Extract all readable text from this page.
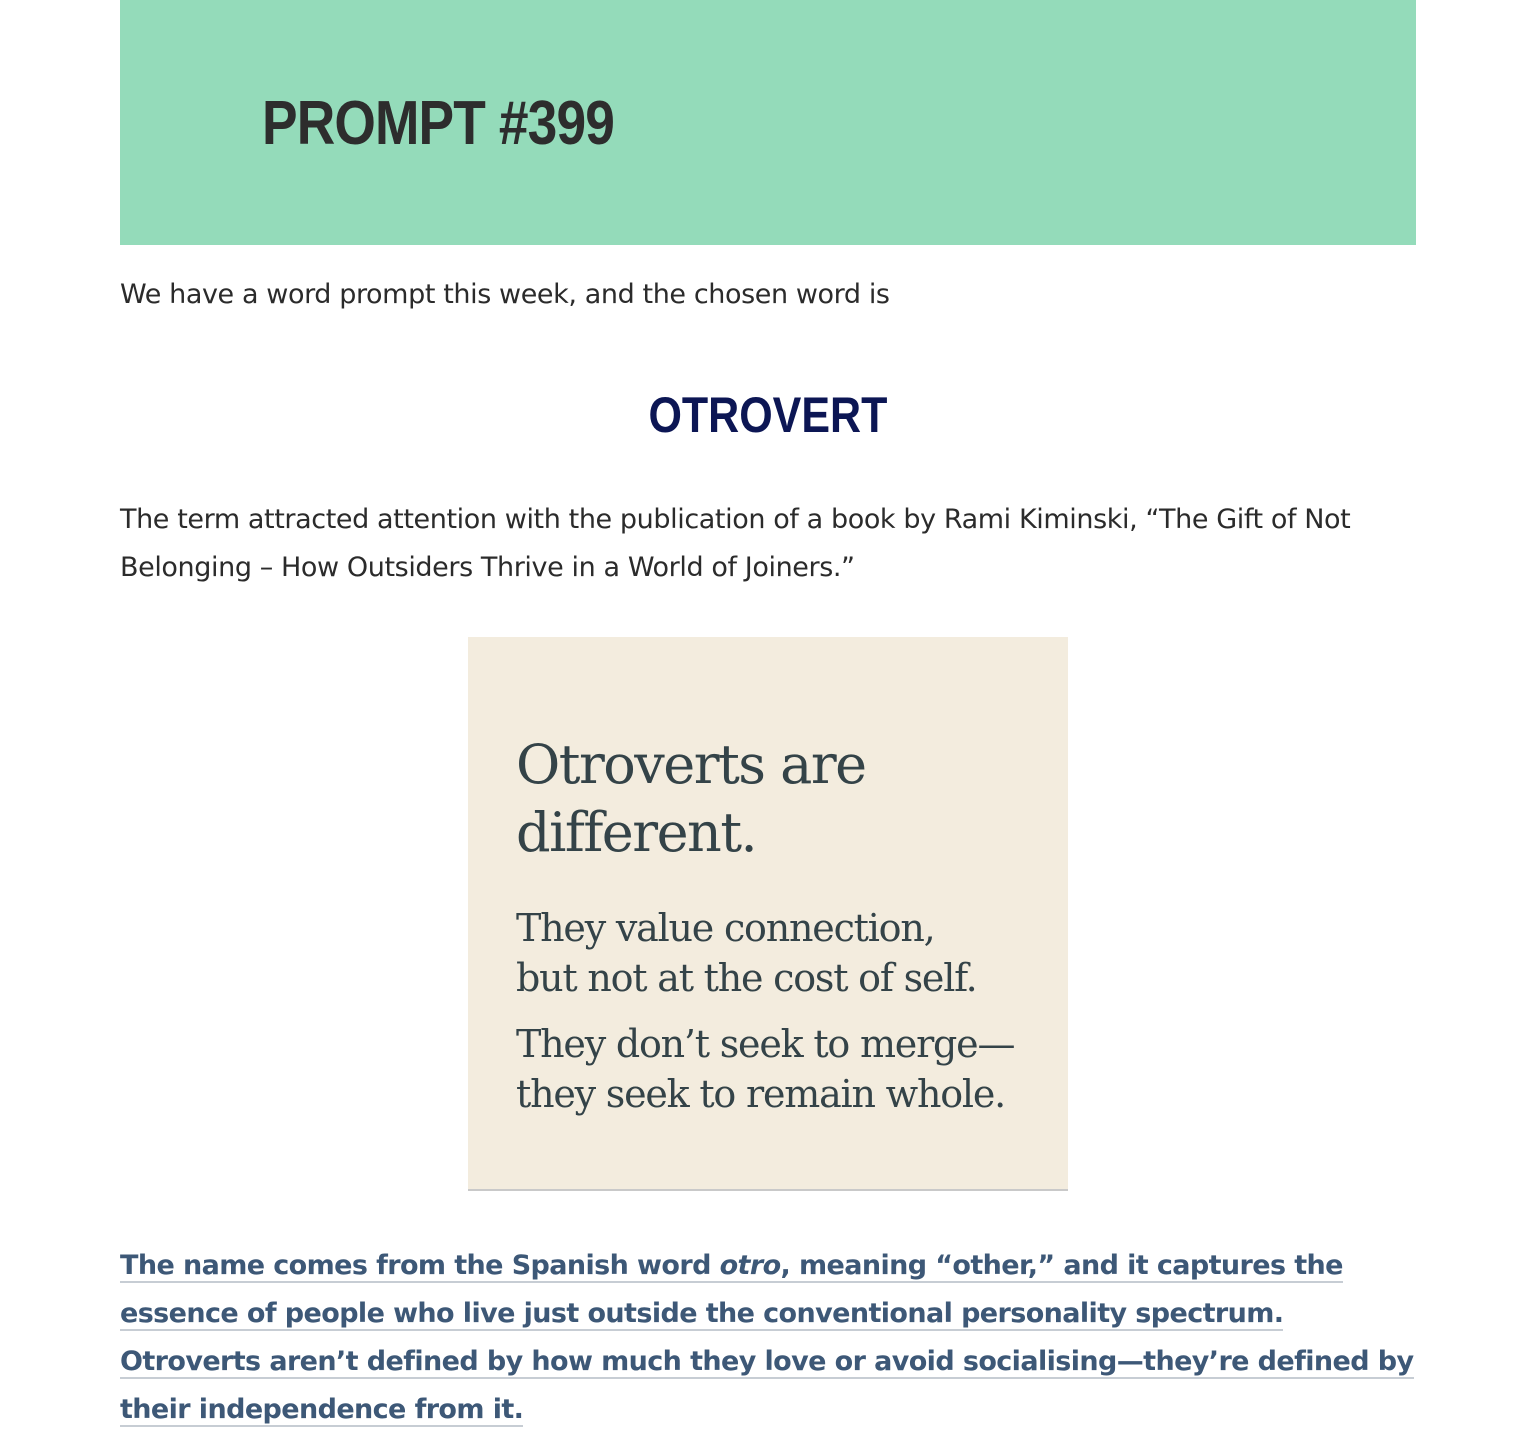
PROMPT #399

We have a word prompt this week, and the chosen word is

OTROVERT

The term attracted attention with the publication of a book by Rami Kiminski, “The Gift of Not Belonging – How Outsiders Thrive in a World of Joiners.”

Otroverts are
different.

They value connection,
but not at the cost of self.

They don’t seek to merge—
they seek to remain whole.

The name comes from the Spanish word otro, meaning “other,” and it captures the essence of people who live just outside the conventional personality spectrum. Otroverts aren’t defined by how much they love or avoid socialising—they’re defined by their independence from it.
